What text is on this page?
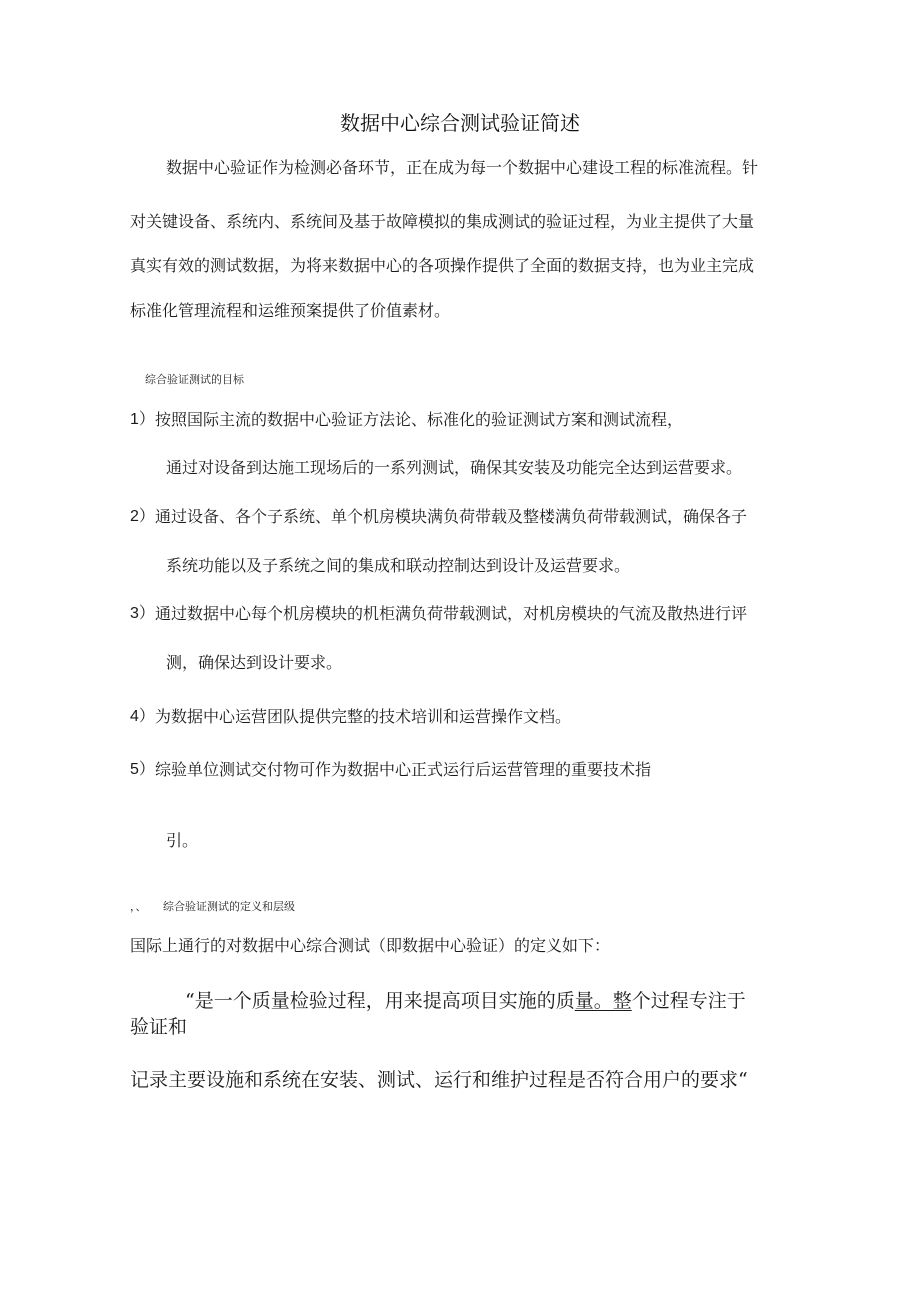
数据中心综合测试验证简述
数据中心验证作为检测必备环节，正在成为每一个数据中心建设工程的标准流程。针
对关键设备、系统内、系统间及基于故障模拟的集成测试的验证过程，为业主提供了大量
真实有效的测试数据，为将来数据中心的各项操作提供了全面的数据支持，也为业主完成
标准化管理流程和运维预案提供了价值素材。
综合验证测试的目标
1） 按照国际主流的数据中心验证方法论、标准化的验证测试方案和测试流程，
通过对设备到达施工现场后的一系列测试，确保其安装及功能完全达到运营要求。
2） 通过设备、各个子系统、单个机房模块满负荷带载及整楼满负荷带载测试，确保各子
系统功能以及子系统之间的集成和联动控制达到设计及运营要求。
3） 通过数据中心每个机房模块的机柜满负荷带载测试，对机房模块的气流及散热进行评
测，确保达到设计要求。
4） 为数据中心运营团队提供完整的技术培训和运营操作文档。
5） 综验单位测试交付物可作为数据中心正式运行后运营管理的重要技术指
引。
，、 综合验证测试的定义和层级
国际上通行的对数据中心综合测试（即数据中心验证）的定义如下：
“是一个质量检验过程，用来提高项目实施的质量。整个过程专注于
验证和
记录主要设施和系统在安装、测试、运行和维护过程是否符合用户的要求“
